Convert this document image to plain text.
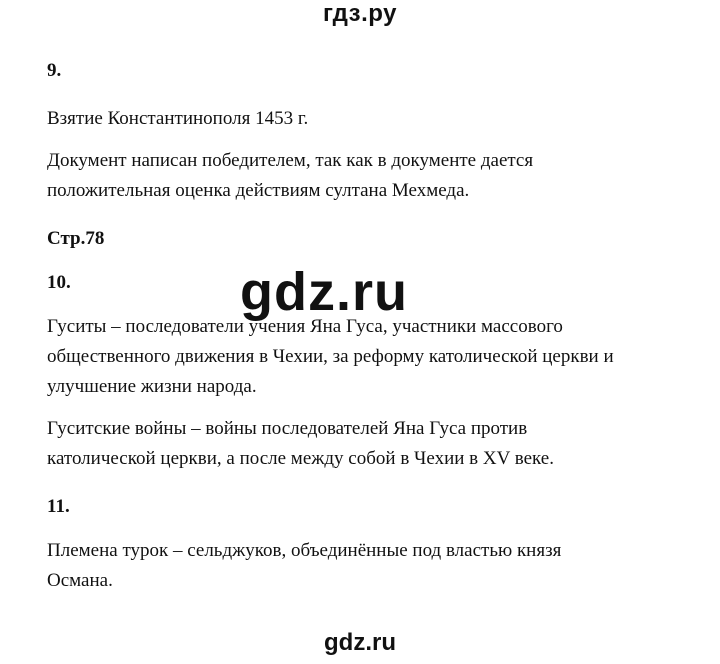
гдз.ру

9.

Взятие Константинополя 1453 г.

Документ написан победителем, так как в документе дается

положительная оценка действиям султана Мехмеда.

Стр.78

10.

Гуситы – последователи учения Яна Гуса, участники массового

общественного движения в Чехии, за реформу католической церкви и

улучшение жизни народа.

Гуситские войны – войны последователей Яна Гуса против

католической церкви, а после между собой в Чехии в XV веке.

11.

Племена турок – сельджуков, объединённые под властью князя

Османа.

gdz.ru
gdz.ru
